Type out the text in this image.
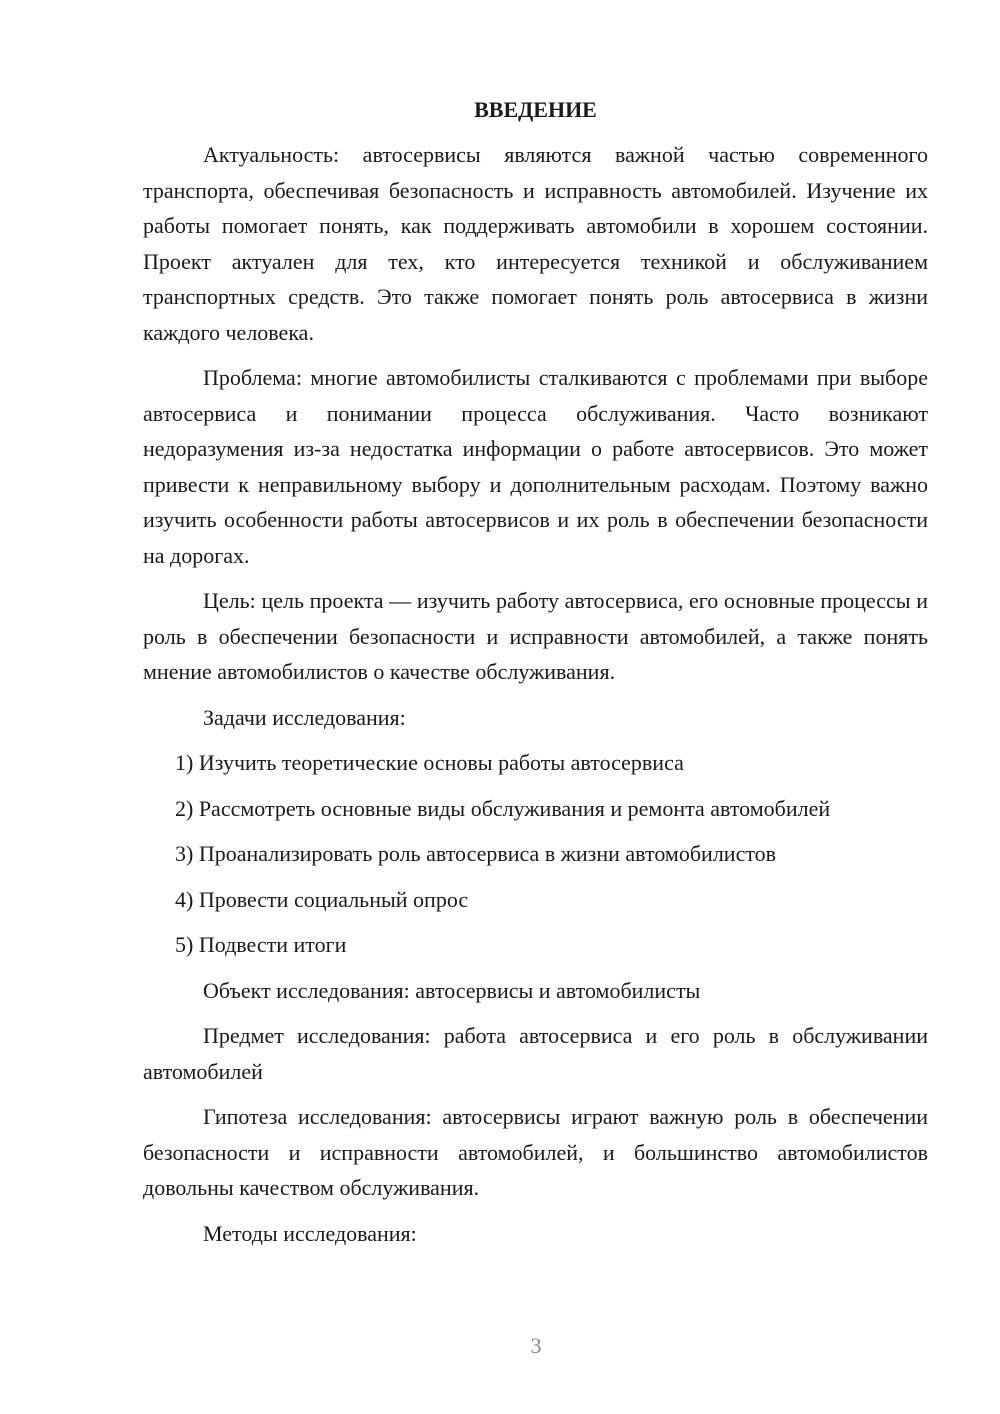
ВВЕДЕНИЕ

Актуальность: автосервисы являются важной частью современного транспорта, обеспечивая безопасность и исправность автомобилей. Изучение их работы помогает понять, как поддерживать автомобили в хорошем состоянии. Проект актуален для тех, кто интересуется техникой и обслуживанием транспортных средств. Это также помогает понять роль автосервиса в жизни каждого человека.

Проблема: многие автомобилисты сталкиваются с проблемами при выборе автосервиса и понимании процесса обслуживания. Часто возникают недоразумения из-за недостатка информации о работе автосервисов. Это может привести к неправильному выбору и дополнительным расходам. Поэтому важно изучить особенности работы автосервисов и их роль в обеспечении безопасности на дорогах.

Цель: цель проекта — изучить работу автосервиса, его основные процессы и роль в обеспечении безопасности и исправности автомобилей, а также понять мнение автомобилистов о качестве обслуживания.

Задачи исследования:

1) Изучить теоретические основы работы автосервиса
2) Рассмотреть основные виды обслуживания и ремонта автомобилей
3) Проанализировать роль автосервиса в жизни автомобилистов
4) Провести социальный опрос
5) Подвести итоги

Объект исследования: автосервисы и автомобилисты

Предмет исследования: работа автосервиса и его роль в обслуживании автомобилей

Гипотеза исследования: автосервисы играют важную роль в обеспечении безопасности и исправности автомобилей, и большинство автомобилистов довольны качеством обслуживания.

Методы исследования:

3
